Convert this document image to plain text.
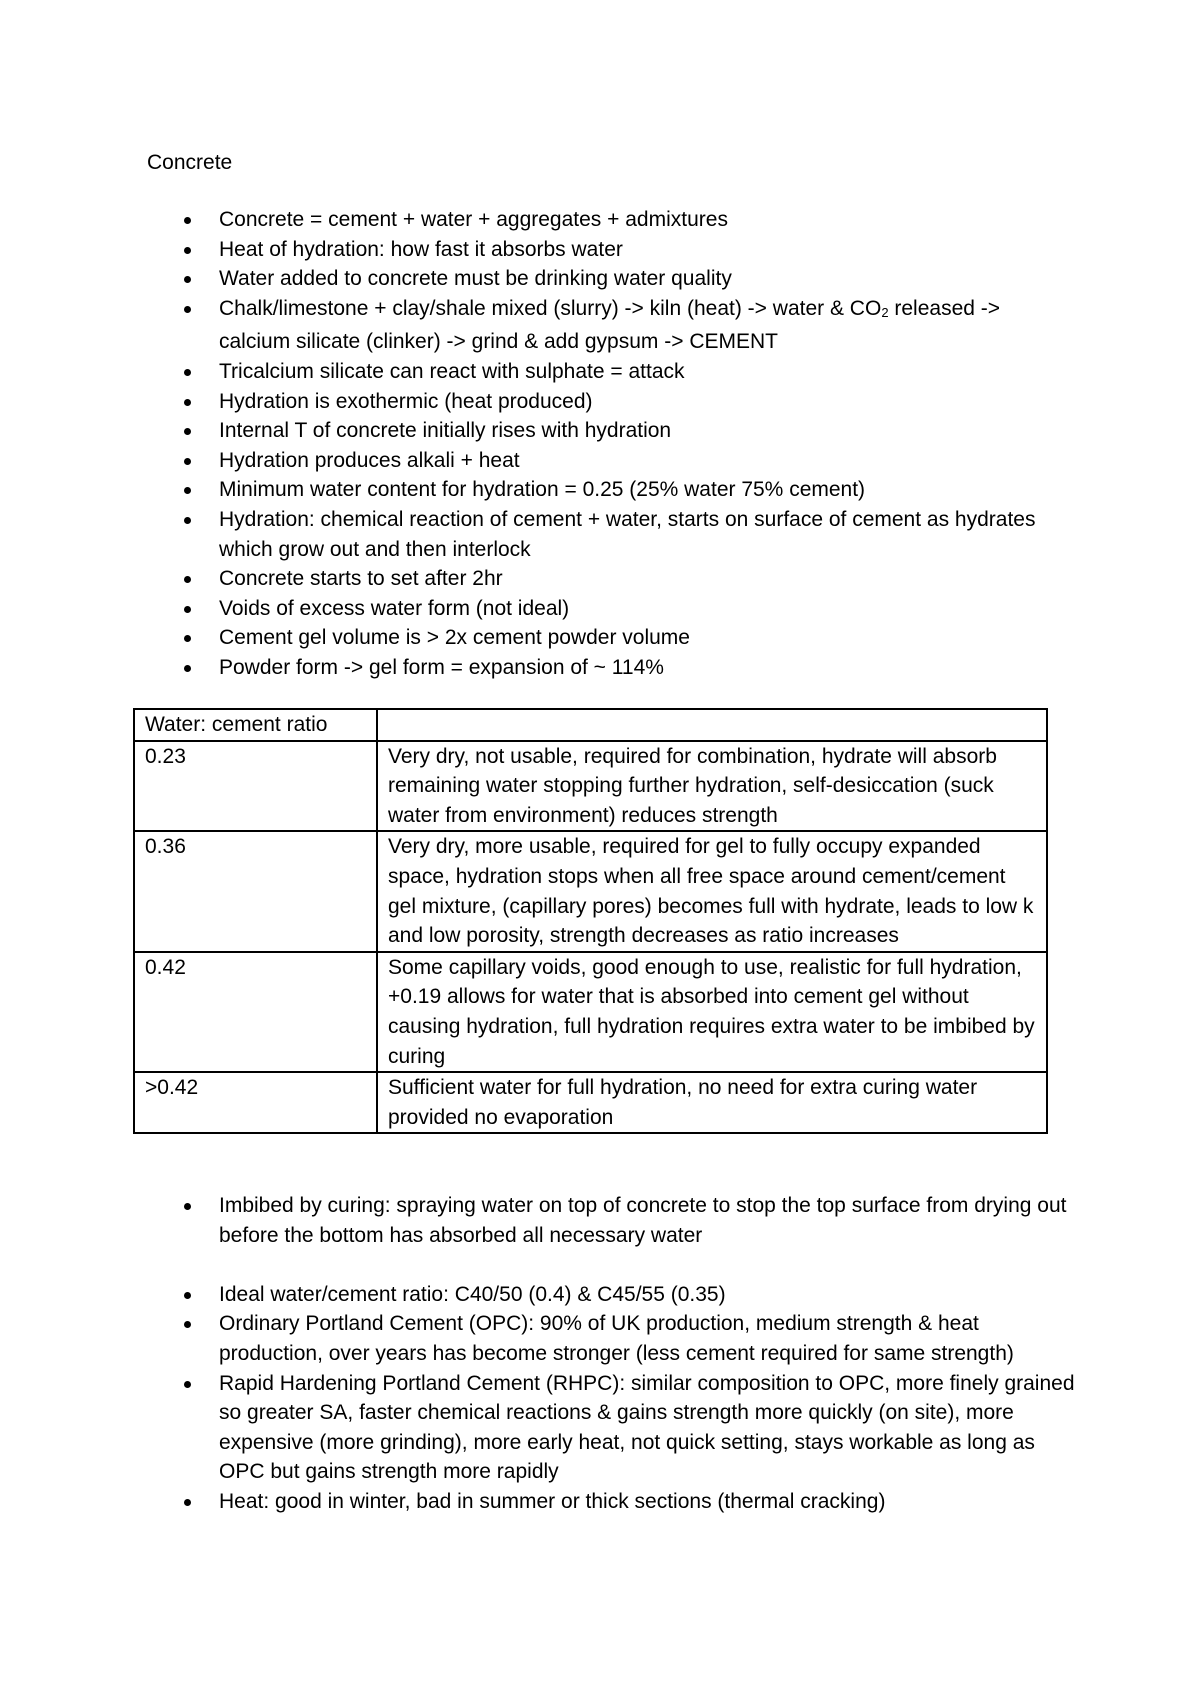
Concrete
Concrete = cement + water + aggregates + admixtures
Heat of hydration: how fast it absorbs water
Water added to concrete must be drinking water quality
Chalk/limestone + clay/shale mixed (slurry) -> kiln (heat) -> water & $CO_2$ released -> calcium silicate (clinker) -> grind & add gypsum -> CEMENT
Tricalcium silicate can react with sulphate = attack
Hydration is exothermic (heat produced)
Internal T of concrete initially rises with hydration
Hydration produces alkali + heat
Minimum water content for hydration = 0.25 (25% water 75% cement)
Hydration: chemical reaction of cement + water, starts on surface of cement as hydrates which grow out and then interlock
Concrete starts to set after 2hr
Voids of excess water form (not ideal)
Cement gel volume is > 2x cement powder volume
Powder form -> gel form = expansion of ~ 114%
Water: cement ratio	
0.23	Very dry, not usable, required for combination, hydrate will absorb remaining water stopping further hydration, self-desiccation (suck water from environment) reduces strength
0.36	Very dry, more usable, required for gel to fully occupy expanded space, hydration stops when all free space around cement/cement gel mixture, (capillary pores) becomes full with hydrate, leads to low k and low porosity, strength decreases as ratio increases
0.42	Some capillary voids, good enough to use, realistic for full hydration, +0.19 allows for water that is absorbed into cement gel without causing hydration, full hydration requires extra water to be imbibed by curing
>0.42	Sufficient water for full hydration, no need for extra curing water provided no evaporation
Imbibed by curing: spraying water on top of concrete to stop the top surface from drying out before the bottom has absorbed all necessary water
Ideal water/cement ratio: C40/50 (0.4) & C45/55 (0.35)
Ordinary Portland Cement (OPC): 90% of UK production, medium strength & heat production, over years has become stronger (less cement required for same strength)
Rapid Hardening Portland Cement (RHPC): similar composition to OPC, more finely grained so greater SA, faster chemical reactions & gains strength more quickly (on site), more expensive (more grinding), more early heat, not quick setting, stays workable as long as OPC but gains strength more rapidly
Heat: good in winter, bad in summer or thick sections (thermal cracking)
